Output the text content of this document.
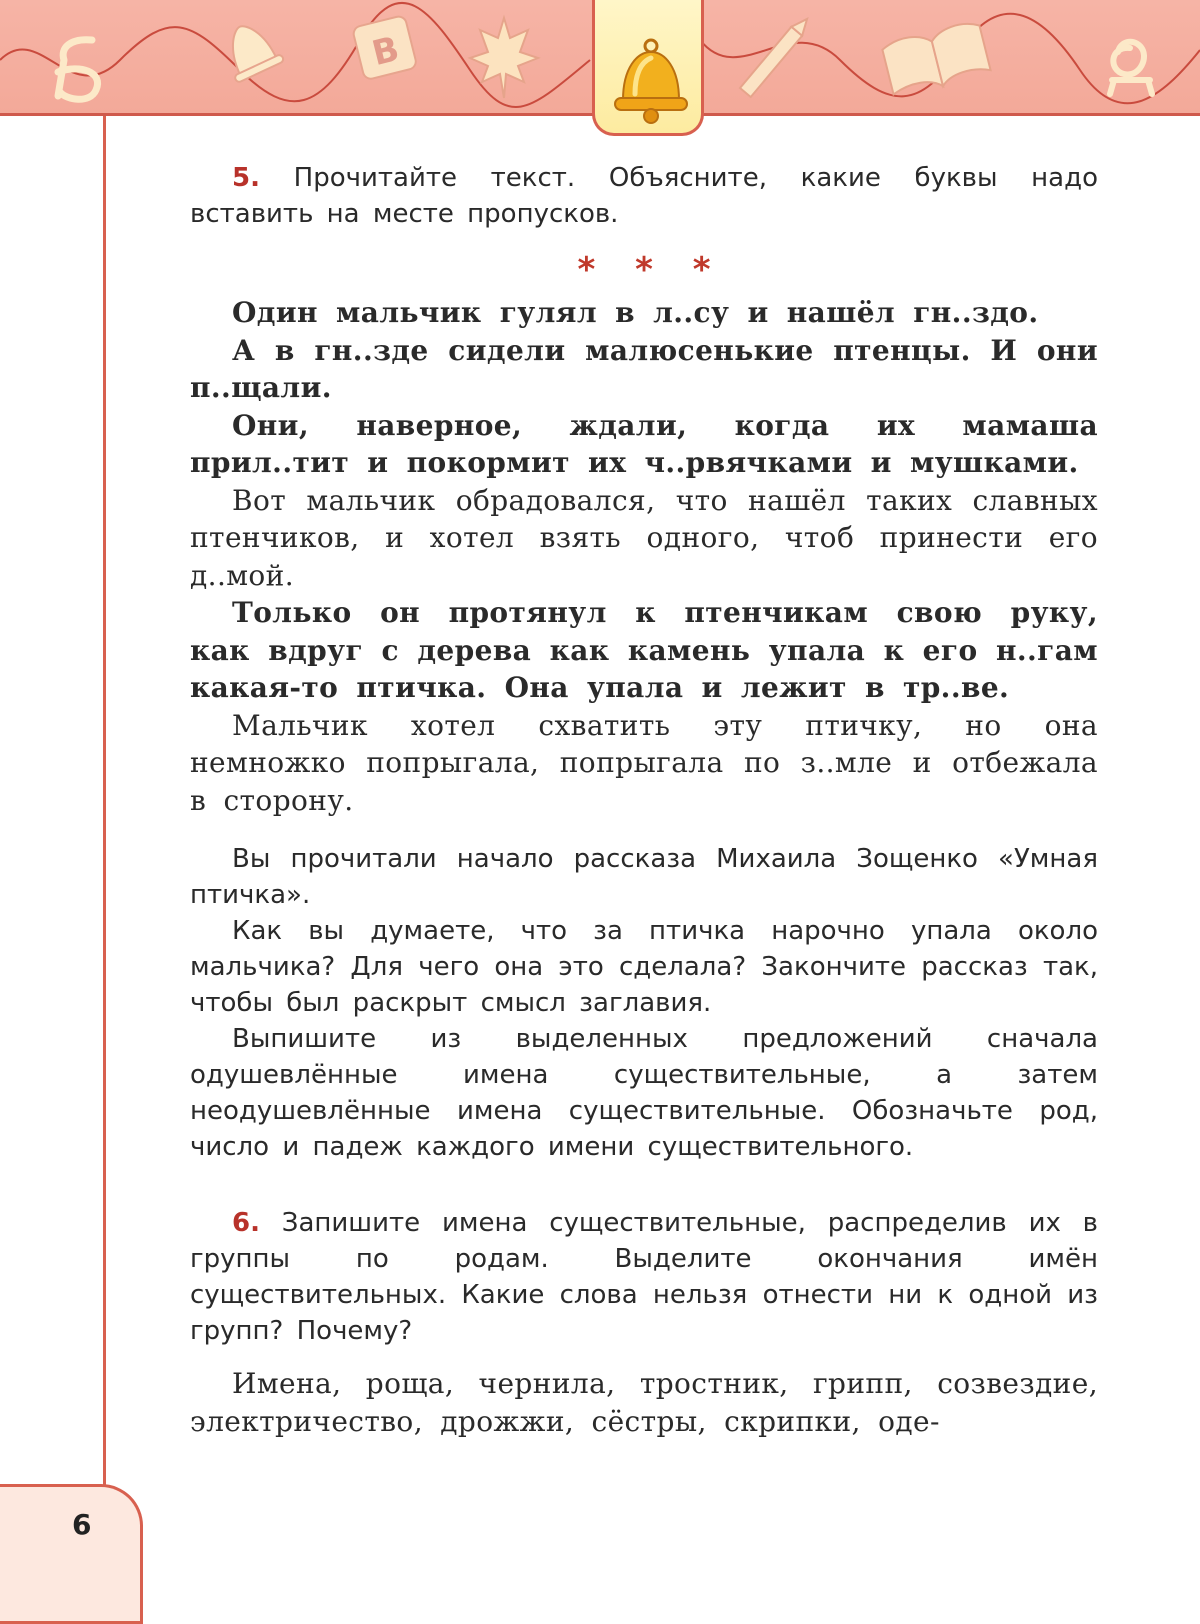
В

5. Прочитайте текст. Объясните, какие буквы надо вставить на месте пропусков.

* * *

Один мальчик гулял в л..су и нашёл гн..здо.

А в гн..зде сидели малюсенькие птенцы. И они п..щали.

Они, наверное, ждали, когда их мамаша прил..тит и покормит их ч..рвячками и мушками.

Вот мальчик обрадовался, что нашёл таких славных птенчиков, и хотел взять одного, чтоб принести его д..мой.

Только он протянул к птенчикам свою руку, как вдруг с дерева как камень упала к его н..гам какая-то птичка. Она упала и лежит в тр..ве.

Мальчик хотел схватить эту птичку, но она немножко попрыгала, попрыгала по з..мле и отбежала в сторону.

Вы прочитали начало рассказа Михаила Зощенко «Умная птичка».

Как вы думаете, что за птичка нарочно упала около мальчика? Для чего она это сделала? Закончите рассказ так, чтобы был раскрыт смысл заглавия.

Выпишите из выделенных предложений сначала одушевлённые имена существительные, а затем неодушевлённые имена существительные. Обозначьте род, число и падеж каждого имени существительного.

6. Запишите имена существительные, распределив их в группы по родам. Выделите окончания имён существительных. Какие слова нельзя отнести ни к одной из групп? Почему?

Имена, роща, чернила, тростник, грипп, созвездие, электричество, дрожжи, сёстры, скрипки, оде-

6
